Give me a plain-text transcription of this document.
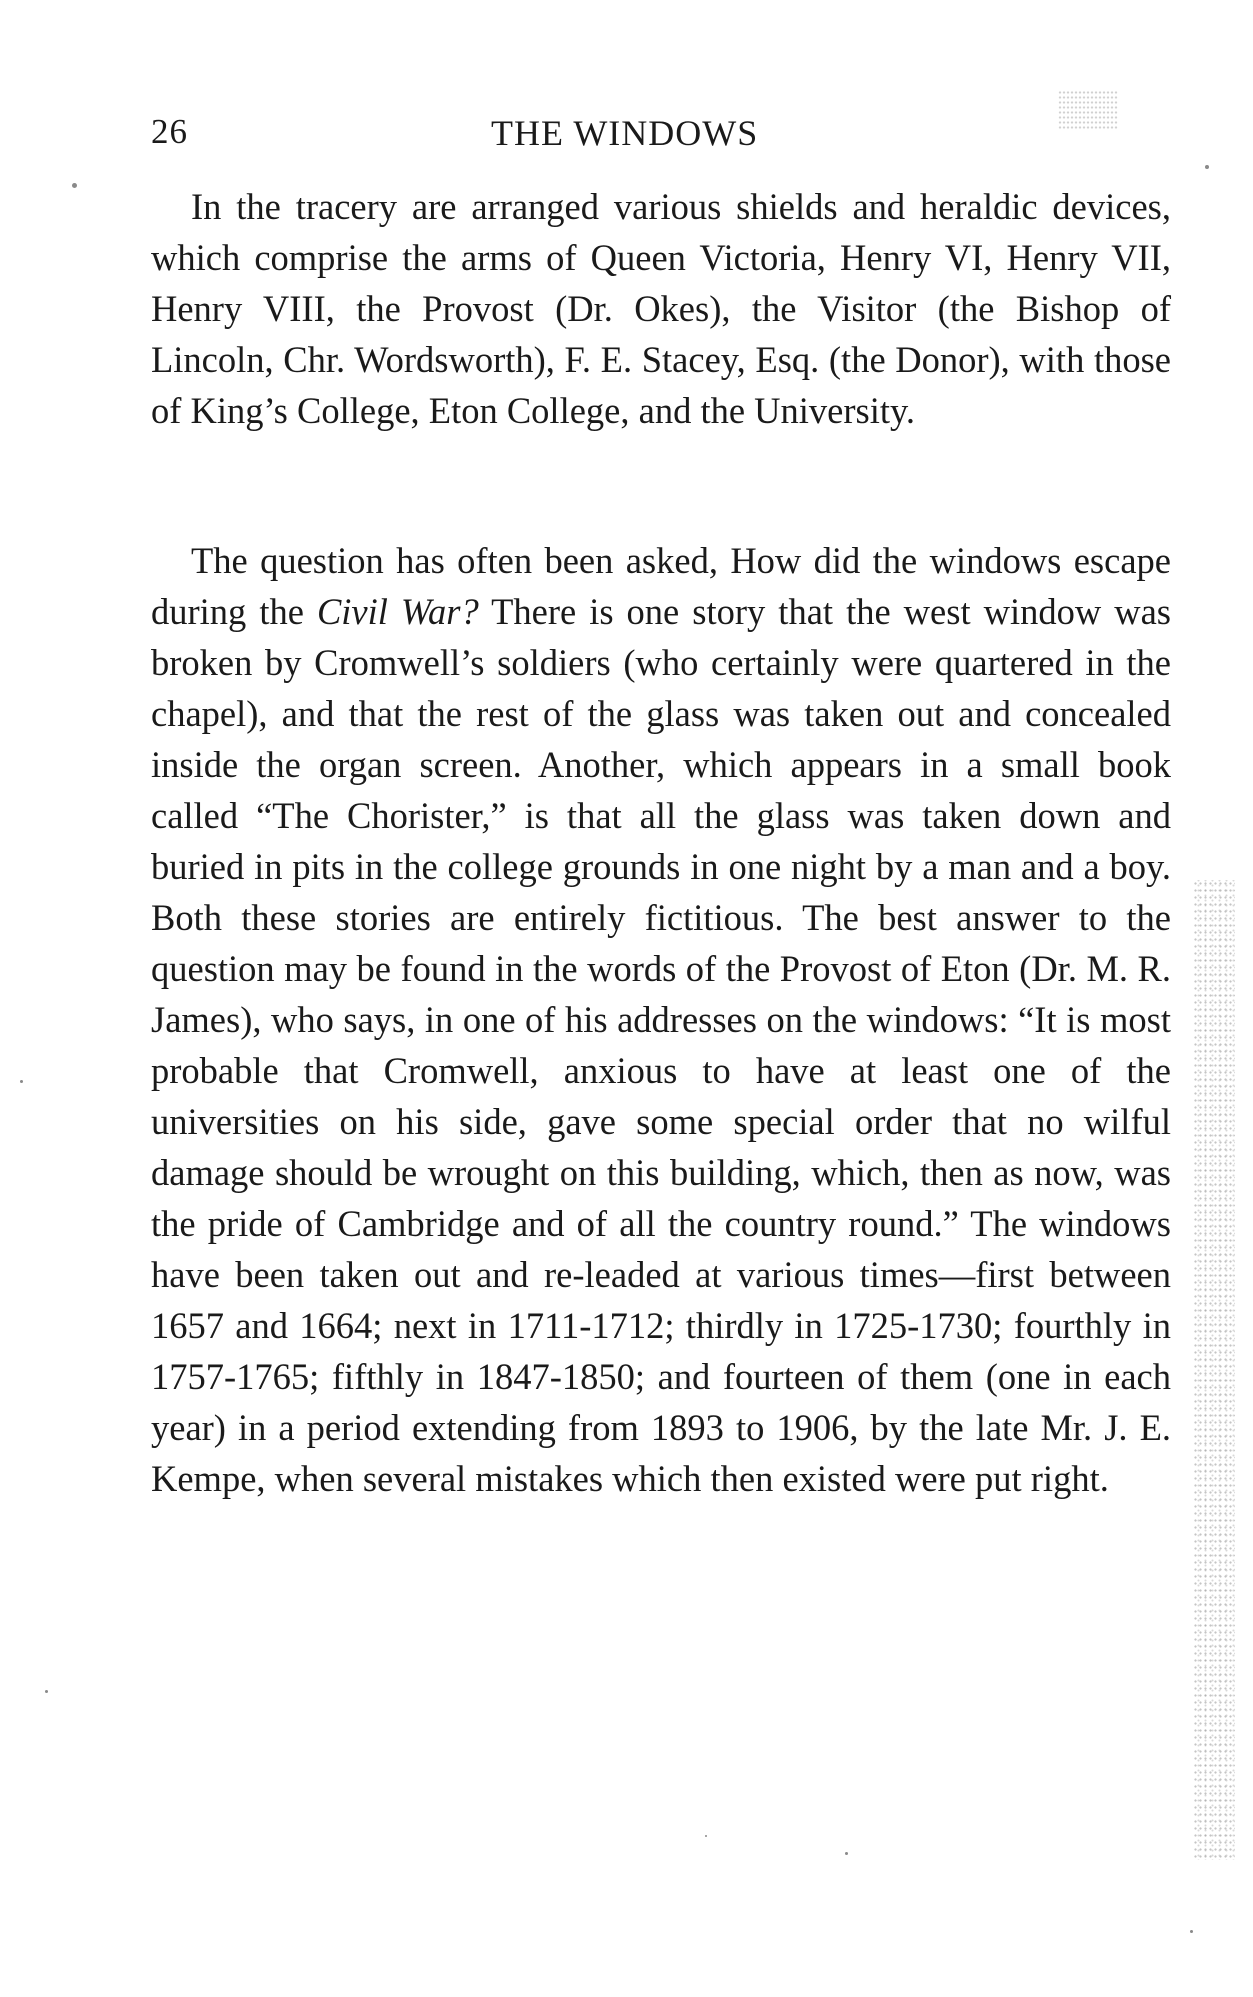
26	THE WINDOWS

In the tracery are arranged various shields and heraldic devices, which comprise the arms of Queen Victoria, Henry VI, Henry VII, Henry VIII, the Provost (Dr. Okes), the Visitor (the Bishop of Lincoln, Chr. Wordsworth), F. E. Stacey, Esq. (the Donor), with those of King’s College, Eton College, and the University.

The question has often been asked, How did the windows escape during the Civil War? There is one story that the west window was broken by Cromwell’s soldiers (who certainly were quartered in the chapel), and that the rest of the glass was taken out and concealed inside the organ screen. Another, which appears in a small book called “The Chorister,” is that all the glass was taken down and buried in pits in the college grounds in one night by a man and a boy. Both these stories are entirely fictitious. The best answer to the question may be found in the words of the Provost of Eton (Dr. M. R. James), who says, in one of his addresses on the windows: “It is most probable that Cromwell, anxious to have at least one of the universities on his side, gave some special order that no wilful damage should be wrought on this building, which, then as now, was the pride of Cambridge and of all the country round.” The windows have been taken out and re-leaded at various times—first between 1657 and 1664; next in 1711-1712; thirdly in 1725-1730; fourthly in 1757-1765; fifthly in 1847-1850; and fourteen of them (one in each year) in a period extending from 1893 to 1906, by the late Mr. J. E. Kempe, when several mistakes which then existed were put right.
